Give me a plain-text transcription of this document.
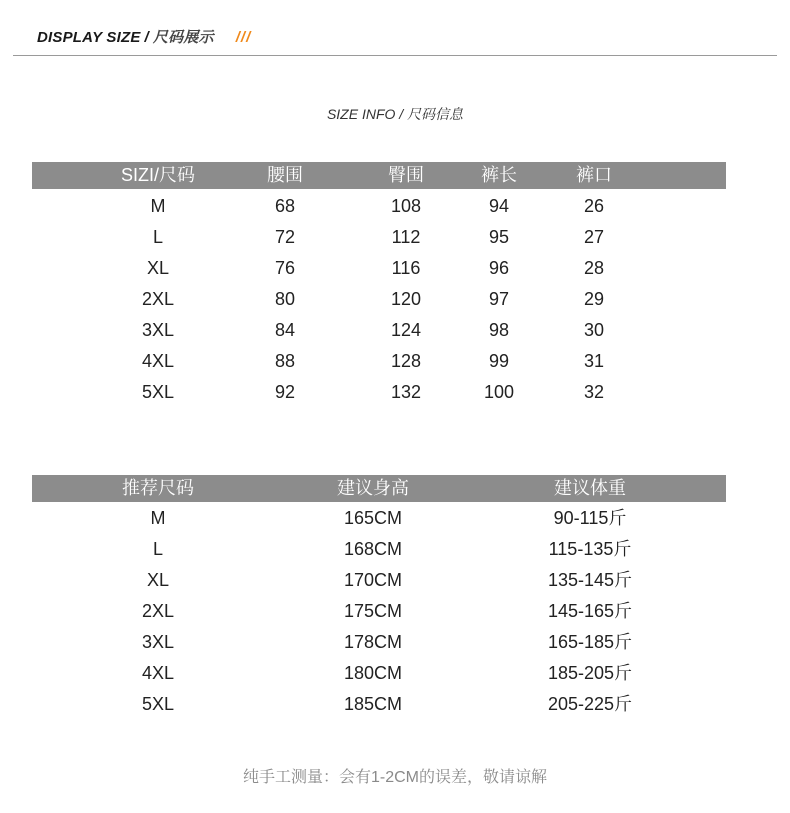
DISPLAY SIZE / 尺码展示 ///
SIZE INFO / 尺码信息
SIZI/尺码	腰围	臀围	裤长	裤口
M	68	108	94	26
L	72	112	95	27
XL	76	116	96	28
2XL	80	120	97	29
3XL	84	124	98	30
4XL	88	128	99	31
5XL	92	132	100	32
推荐尺码	建议身高	建议体重
M	165CM	90-115斤
L	168CM	115-135斤
XL	170CM	135-145斤
2XL	175CM	145-165斤
3XL	178CM	165-185斤
4XL	180CM	185-205斤
5XL	185CM	205-225斤
纯手工测量：会有1-2CM的误差，敬请谅解
